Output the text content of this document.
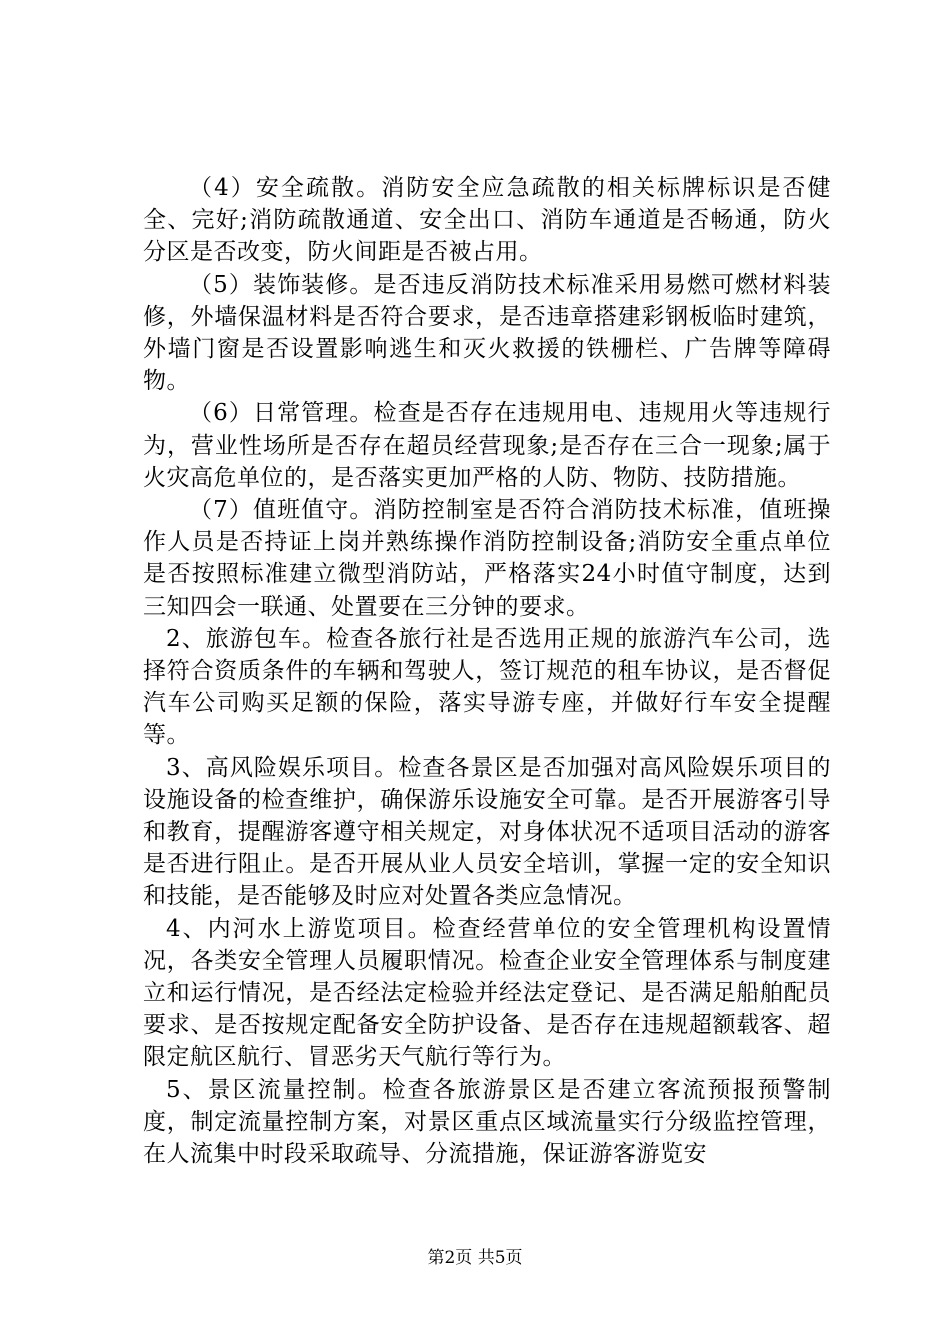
（4）安全疏散。消防安全应急疏散的相关标牌标识是否健全、完好;消防疏散通道、安全出口、消防车通道是否畅通，防火分区是否改变，防火间距是否被占用。

（5）装饰装修。是否违反消防技术标准采用易燃可燃材料装修，外墙保温材料是否符合要求，是否违章搭建彩钢板临时建筑，外墙门窗是否设置影响逃生和灭火救援的铁栅栏、广告牌等障碍物。

（6）日常管理。检查是否存在违规用电、违规用火等违规行为，营业性场所是否存在超员经营现象;是否存在三合一现象;属于火灾高危单位的，是否落实更加严格的人防、物防、技防措施。

（7）值班值守。消防控制室是否符合消防技术标准，值班操作人员是否持证上岗并熟练操作消防控制设备;消防安全重点单位是否按照标准建立微型消防站，严格落实24小时值守制度，达到三知四会一联通、处置要在三分钟的要求。

2、旅游包车。检查各旅行社是否选用正规的旅游汽车公司，选择符合资质条件的车辆和驾驶人，签订规范的租车协议，是否督促汽车公司购买足额的保险，落实导游专座，并做好行车安全提醒等。

3、高风险娱乐项目。检查各景区是否加强对高风险娱乐项目的设施设备的检查维护，确保游乐设施安全可靠。是否开展游客引导和教育，提醒游客遵守相关规定，对身体状况不适项目活动的游客是否进行阻止。是否开展从业人员安全培训，掌握一定的安全知识和技能，是否能够及时应对处置各类应急情况。

4、内河水上游览项目。检查经营单位的安全管理机构设置情况，各类安全管理人员履职情况。检查企业安全管理体系与制度建立和运行情况，是否经法定检验并经法定登记、是否满足船舶配员要求、是否按规定配备安全防护设备、是否存在违规超额载客、超限定航区航行、冒恶劣天气航行等行为。

5、景区流量控制。检查各旅游景区是否建立客流预报预警制度，制定流量控制方案，对景区重点区域流量实行分级监控管理，在人流集中时段采取疏导、分流措施，保证游客游览安

第2页 共5页
